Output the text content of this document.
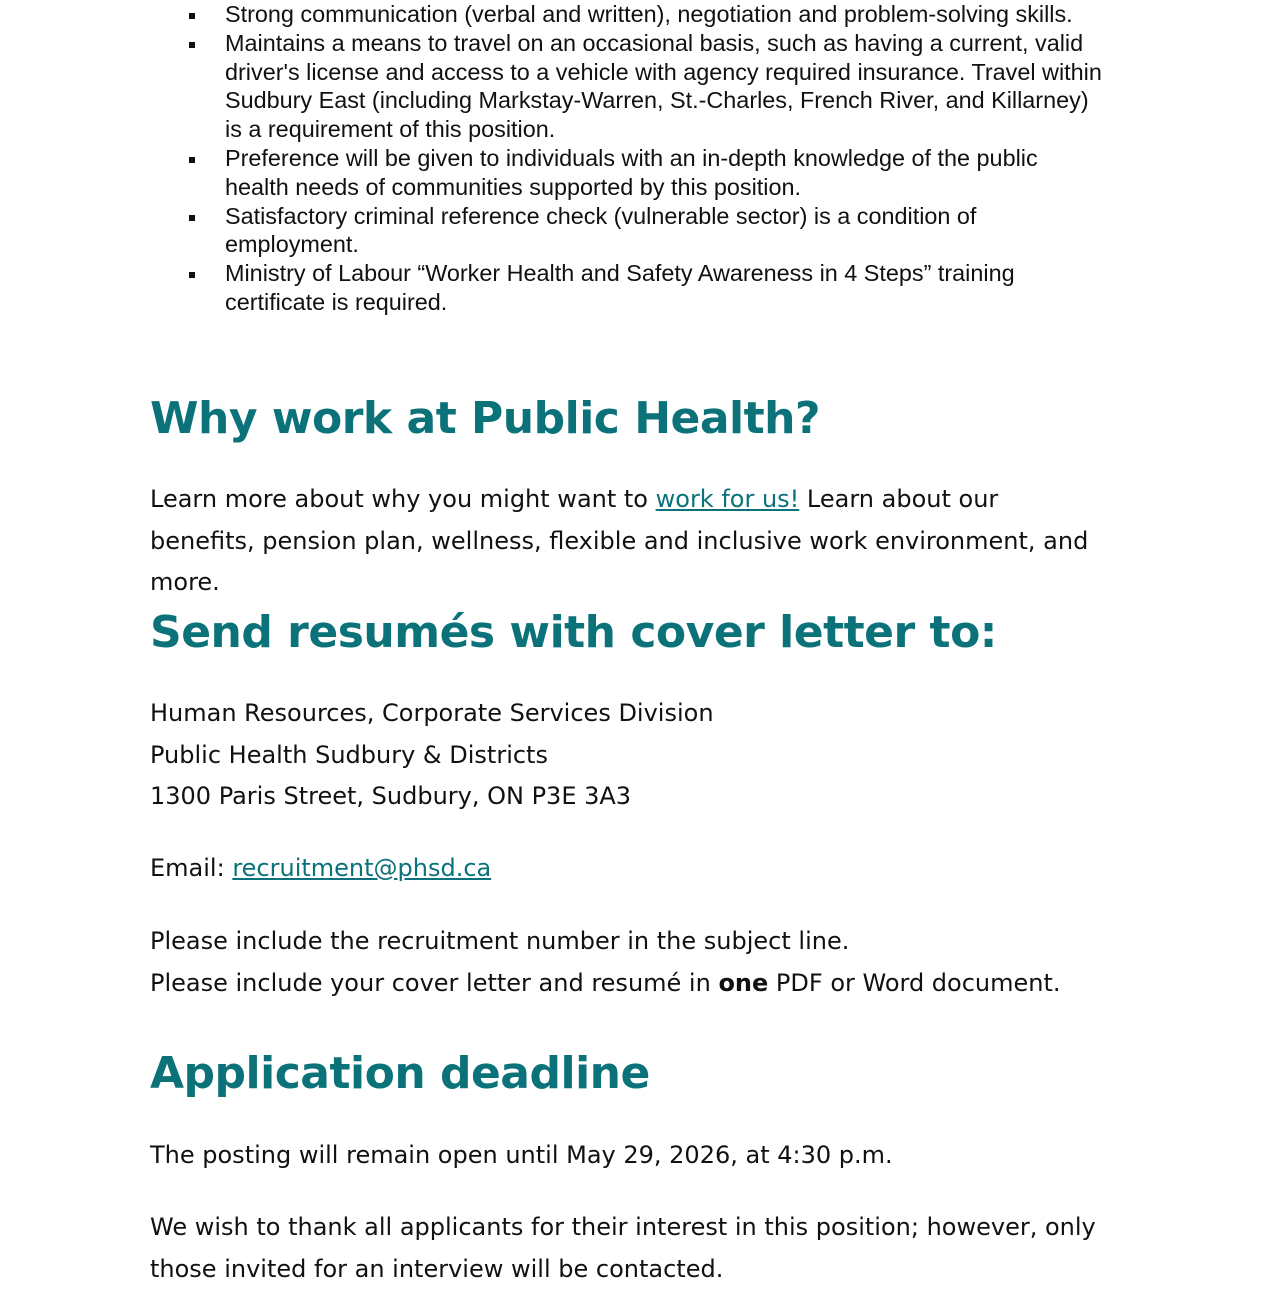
Strong communication (verbal and written), negotiation and problem-solving skills.
Maintains a means to travel on an occasional basis, such as having a current, valid driver's license and access to a vehicle with agency required insurance. Travel within Sudbury East (including Markstay-Warren, St.-Charles, French River, and Killarney) is a requirement of this position.
Preference will be given to individuals with an in-depth knowledge of the public health needs of communities supported by this position.
Satisfactory criminal reference check (vulnerable sector) is a condition of employment.
Ministry of Labour “Worker Health and Safety Awareness in 4 Steps” training certificate is required.
Why work at Public Health?
Learn more about why you might want to work for us! Learn about our benefits, pension plan, wellness, flexible and inclusive work environment, and more.
Send resumés with cover letter to:
Human Resources, Corporate Services Division
Public Health Sudbury & Districts
1300 Paris Street, Sudbury, ON P3E 3A3
Email: recruitment@phsd.ca
Please include the recruitment number in the subject line.
Please include your cover letter and resumé in one PDF or Word document.
Application deadline
The posting will remain open until May 29, 2026, at 4:30 p.m.
We wish to thank all applicants for their interest in this position; however, only those invited for an interview will be contacted.
